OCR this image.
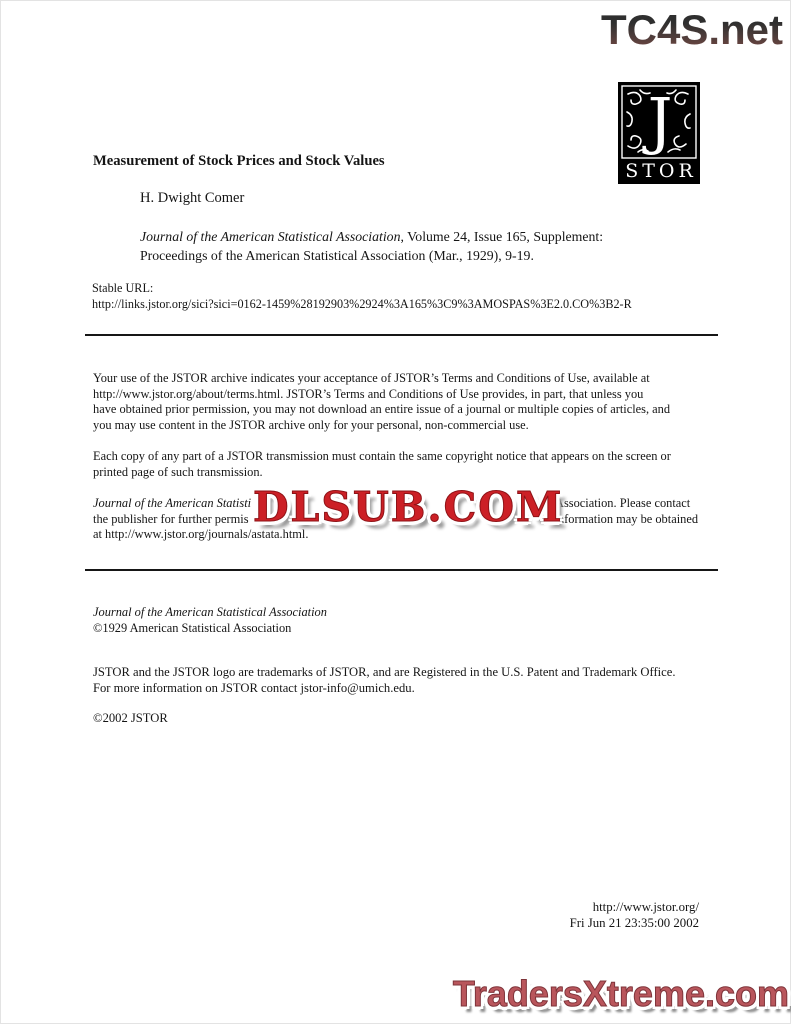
TC4S.net
J
STOR
Measurement of Stock Prices and Stock Values
H. Dwight Comer
Journal of the American Statistical Association, Volume 24, Issue 165, Supplement:
Proceedings of the American Statistical Association (Mar., 1929), 9-19.
Stable URL:
http://links.jstor.org/sici?sici=0162-1459%28192903%2924%3A165%3C9%3AMOSPAS%3E2.0.CO%3B2-R
Your use of the JSTOR archive indicates your acceptance of JSTOR’s Terms and Conditions of Use, available at
http://www.jstor.org/about/terms.html. JSTOR’s Terms and Conditions of Use provides, in part, that unless you
have obtained prior permission, you may not download an entire issue of a journal or multiple copies of articles, and
you may use content in the JSTOR archive only for your personal, non-commercial use.
Each copy of any part of a JSTOR transmission must contain the same copyright notice that appears on the screen or
printed page of such transmission.
Journal of the American Statisti	Association. Please contact
the publisher for further permis	t information may be obtained
at http://www.jstor.org/journals/astata.html.
DLSUB.COM
Journal of the American Statistical Association
©1929 American Statistical Association
JSTOR and the JSTOR logo are trademarks of JSTOR, and are Registered in the U.S. Patent and Trademark Office.
For more information on JSTOR contact jstor-info@umich.edu.
©2002 JSTOR
http://www.jstor.org/
Fri Jun 21 23:35:00 2002
TradersXtreme.com
